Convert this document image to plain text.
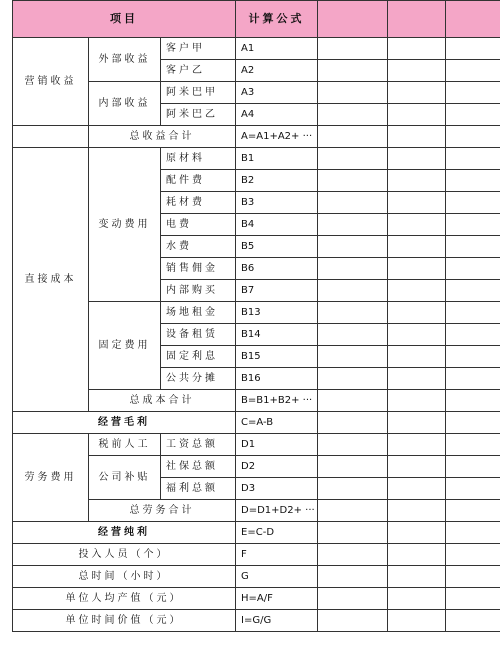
项目			计算公式			
营销收益	外部收益	客户甲	A1			
		客户乙	A2			
	内部收益	阿米巴甲	A3			
		阿米巴乙	A4			
	总收益合计		A=A1+A2+ ···			
直接成本	变动费用	原材料	B1			
		配件费	B2			
		耗材费	B3			
		电费	B4			
		水费	B5			
		销售佣金	B6			
		内部购买	B7			
	固定费用	场地租金	B13			
		设备租赁	B14			
		固定利息	B15			
		公共分摊	B16			
	总成本合计		B=B1+B2+ ···			
经营毛利			C=A-B			
劳务费用	税前人工	工资总额	D1			
	公司补贴	社保总额	D2			
		福利总额	D3			
	总劳务合计		D=D1+D2+ ···			
经营纯利			E=C-D			
投入人员（个）			F			
总时间（小时）			G			
单位人均产值（元）			H=A/F			
单位时间价值（元）			I=G/G			
